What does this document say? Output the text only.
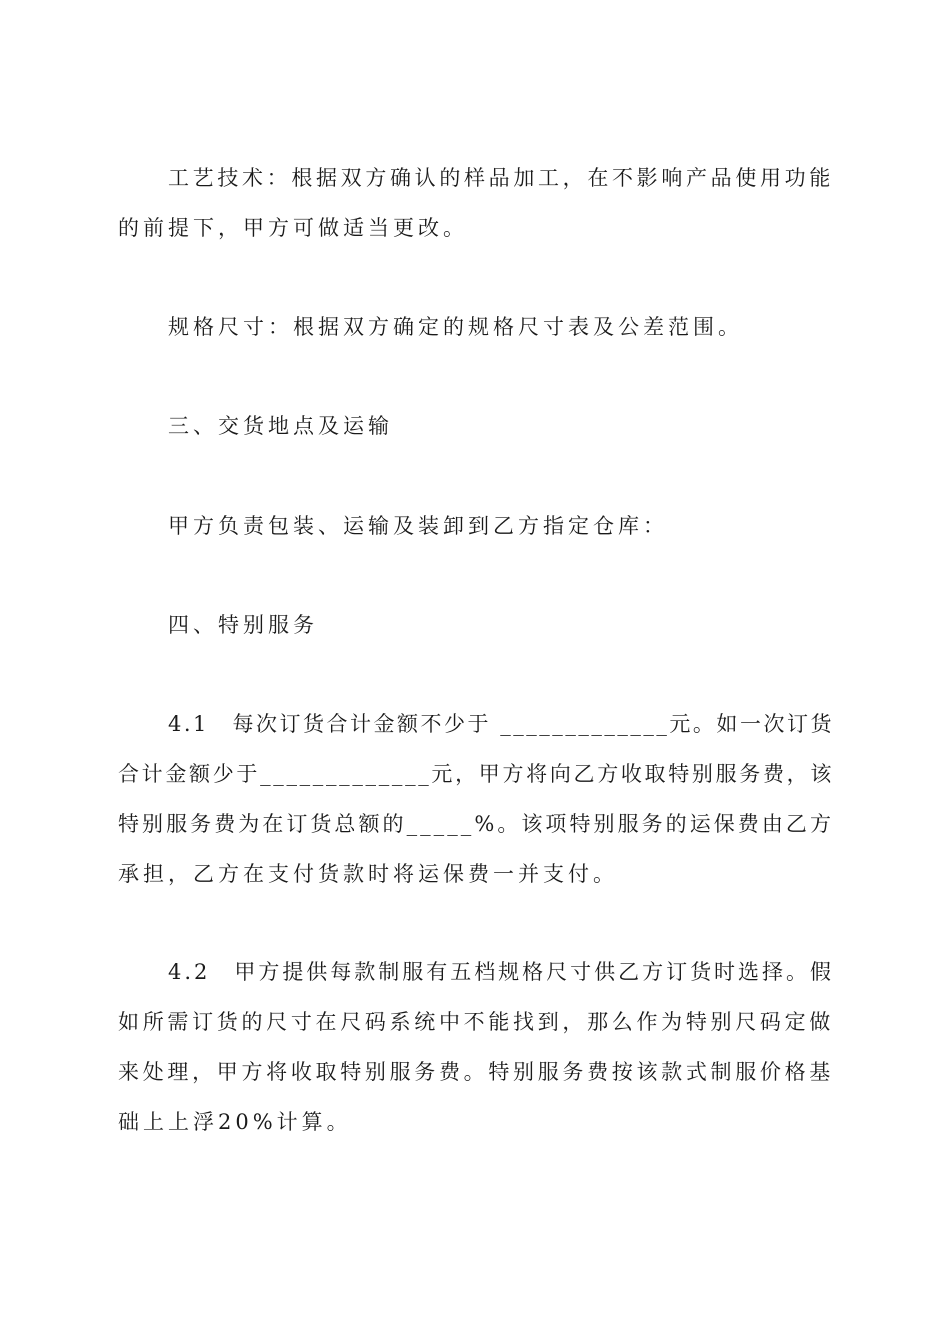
工艺技术：根据双方确认的样品加工，在不影响产品使用功能
的前提下，甲方可做适当更改。
规格尺寸：根据双方确定的规格尺寸表及公差范围。
三、交货地点及运输
甲方负责包装、运输及装卸到乙方指定仓库：
四、特别服务
4.1　每次订货合计金额不少于 _____________元。如一次订货
合计金额少于_____________元，甲方将向乙方收取特别服务费，该
特别服务费为在订货总额的_____%。该项特别服务的运保费由乙方
承担，乙方在支付货款时将运保费一并支付。
4.2　甲方提供每款制服有五档规格尺寸供乙方订货时选择。假
如所需订货的尺寸在尺码系统中不能找到，那么作为特别尺码定做
来处理，甲方将收取特别服务费。特别服务费按该款式制服价格基
础上上浮20%计算。
